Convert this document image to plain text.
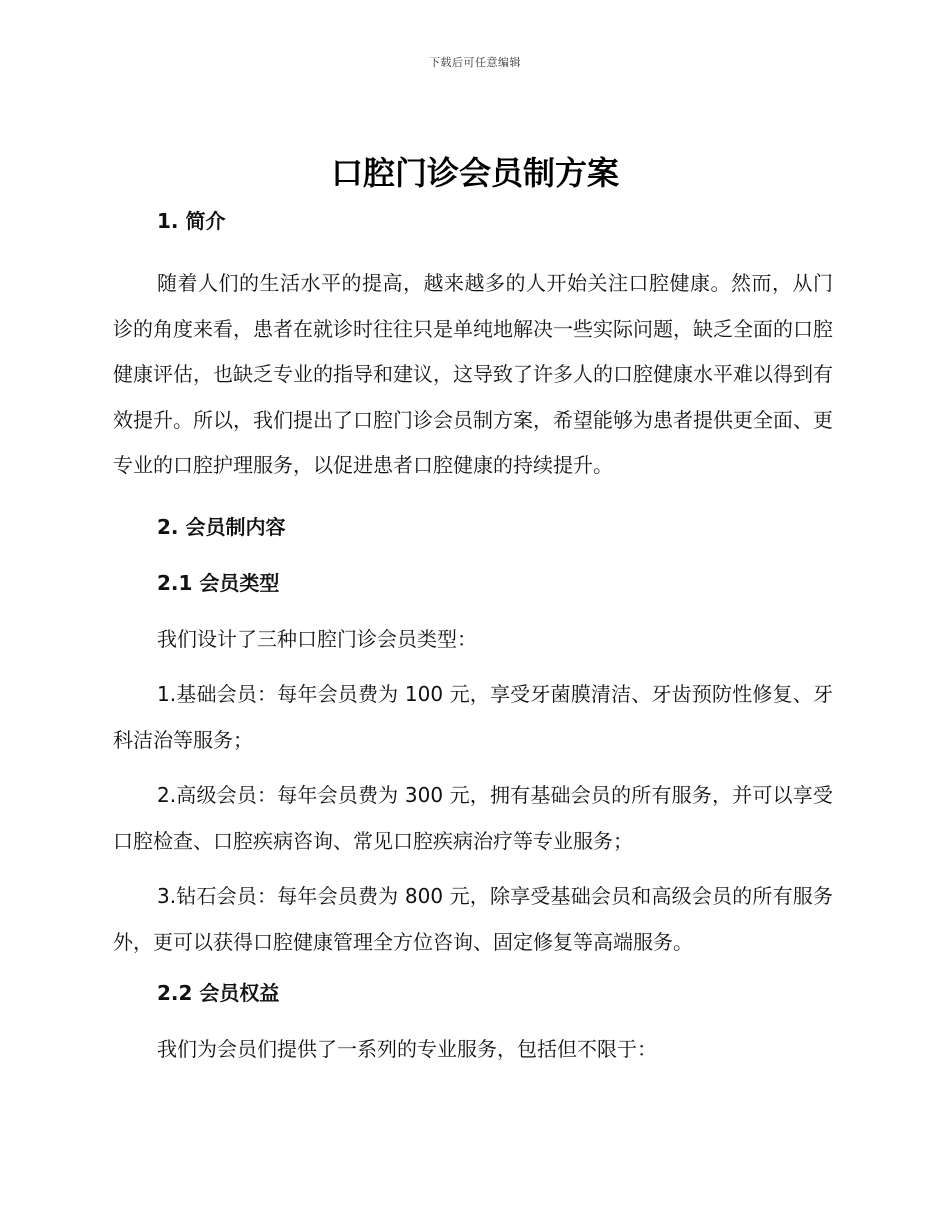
下载后可任意编辑
口腔门诊会员制方案
1. 简介

随着人们的生活水平的提高，越来越多的人开始关注口腔健康。然而，从门诊的角度来看，患者在就诊时往往只是单纯地解决一些实际问题，缺乏全面的口腔健康评估，也缺乏专业的指导和建议，这导致了许多人的口腔健康水平难以得到有效提升。所以，我们提出了口腔门诊会员制方案，希望能够为患者提供更全面、更专业的口腔护理服务，以促进患者口腔健康的持续提升。

2. 会员制内容
2.1 会员类型

我们设计了三种口腔门诊会员类型：

1.基础会员：每年会员费为 100 元，享受牙菌膜清洁、牙齿预防性修复、牙科洁治等服务；

2.高级会员：每年会员费为 300 元，拥有基础会员的所有服务，并可以享受口腔检查、口腔疾病咨询、常见口腔疾病治疗等专业服务；

3.钻石会员：每年会员费为 800 元，除享受基础会员和高级会员的所有服务外，更可以获得口腔健康管理全方位咨询、固定修复等高端服务。

2.2 会员权益

我们为会员们提供了一系列的专业服务，包括但不限于：
